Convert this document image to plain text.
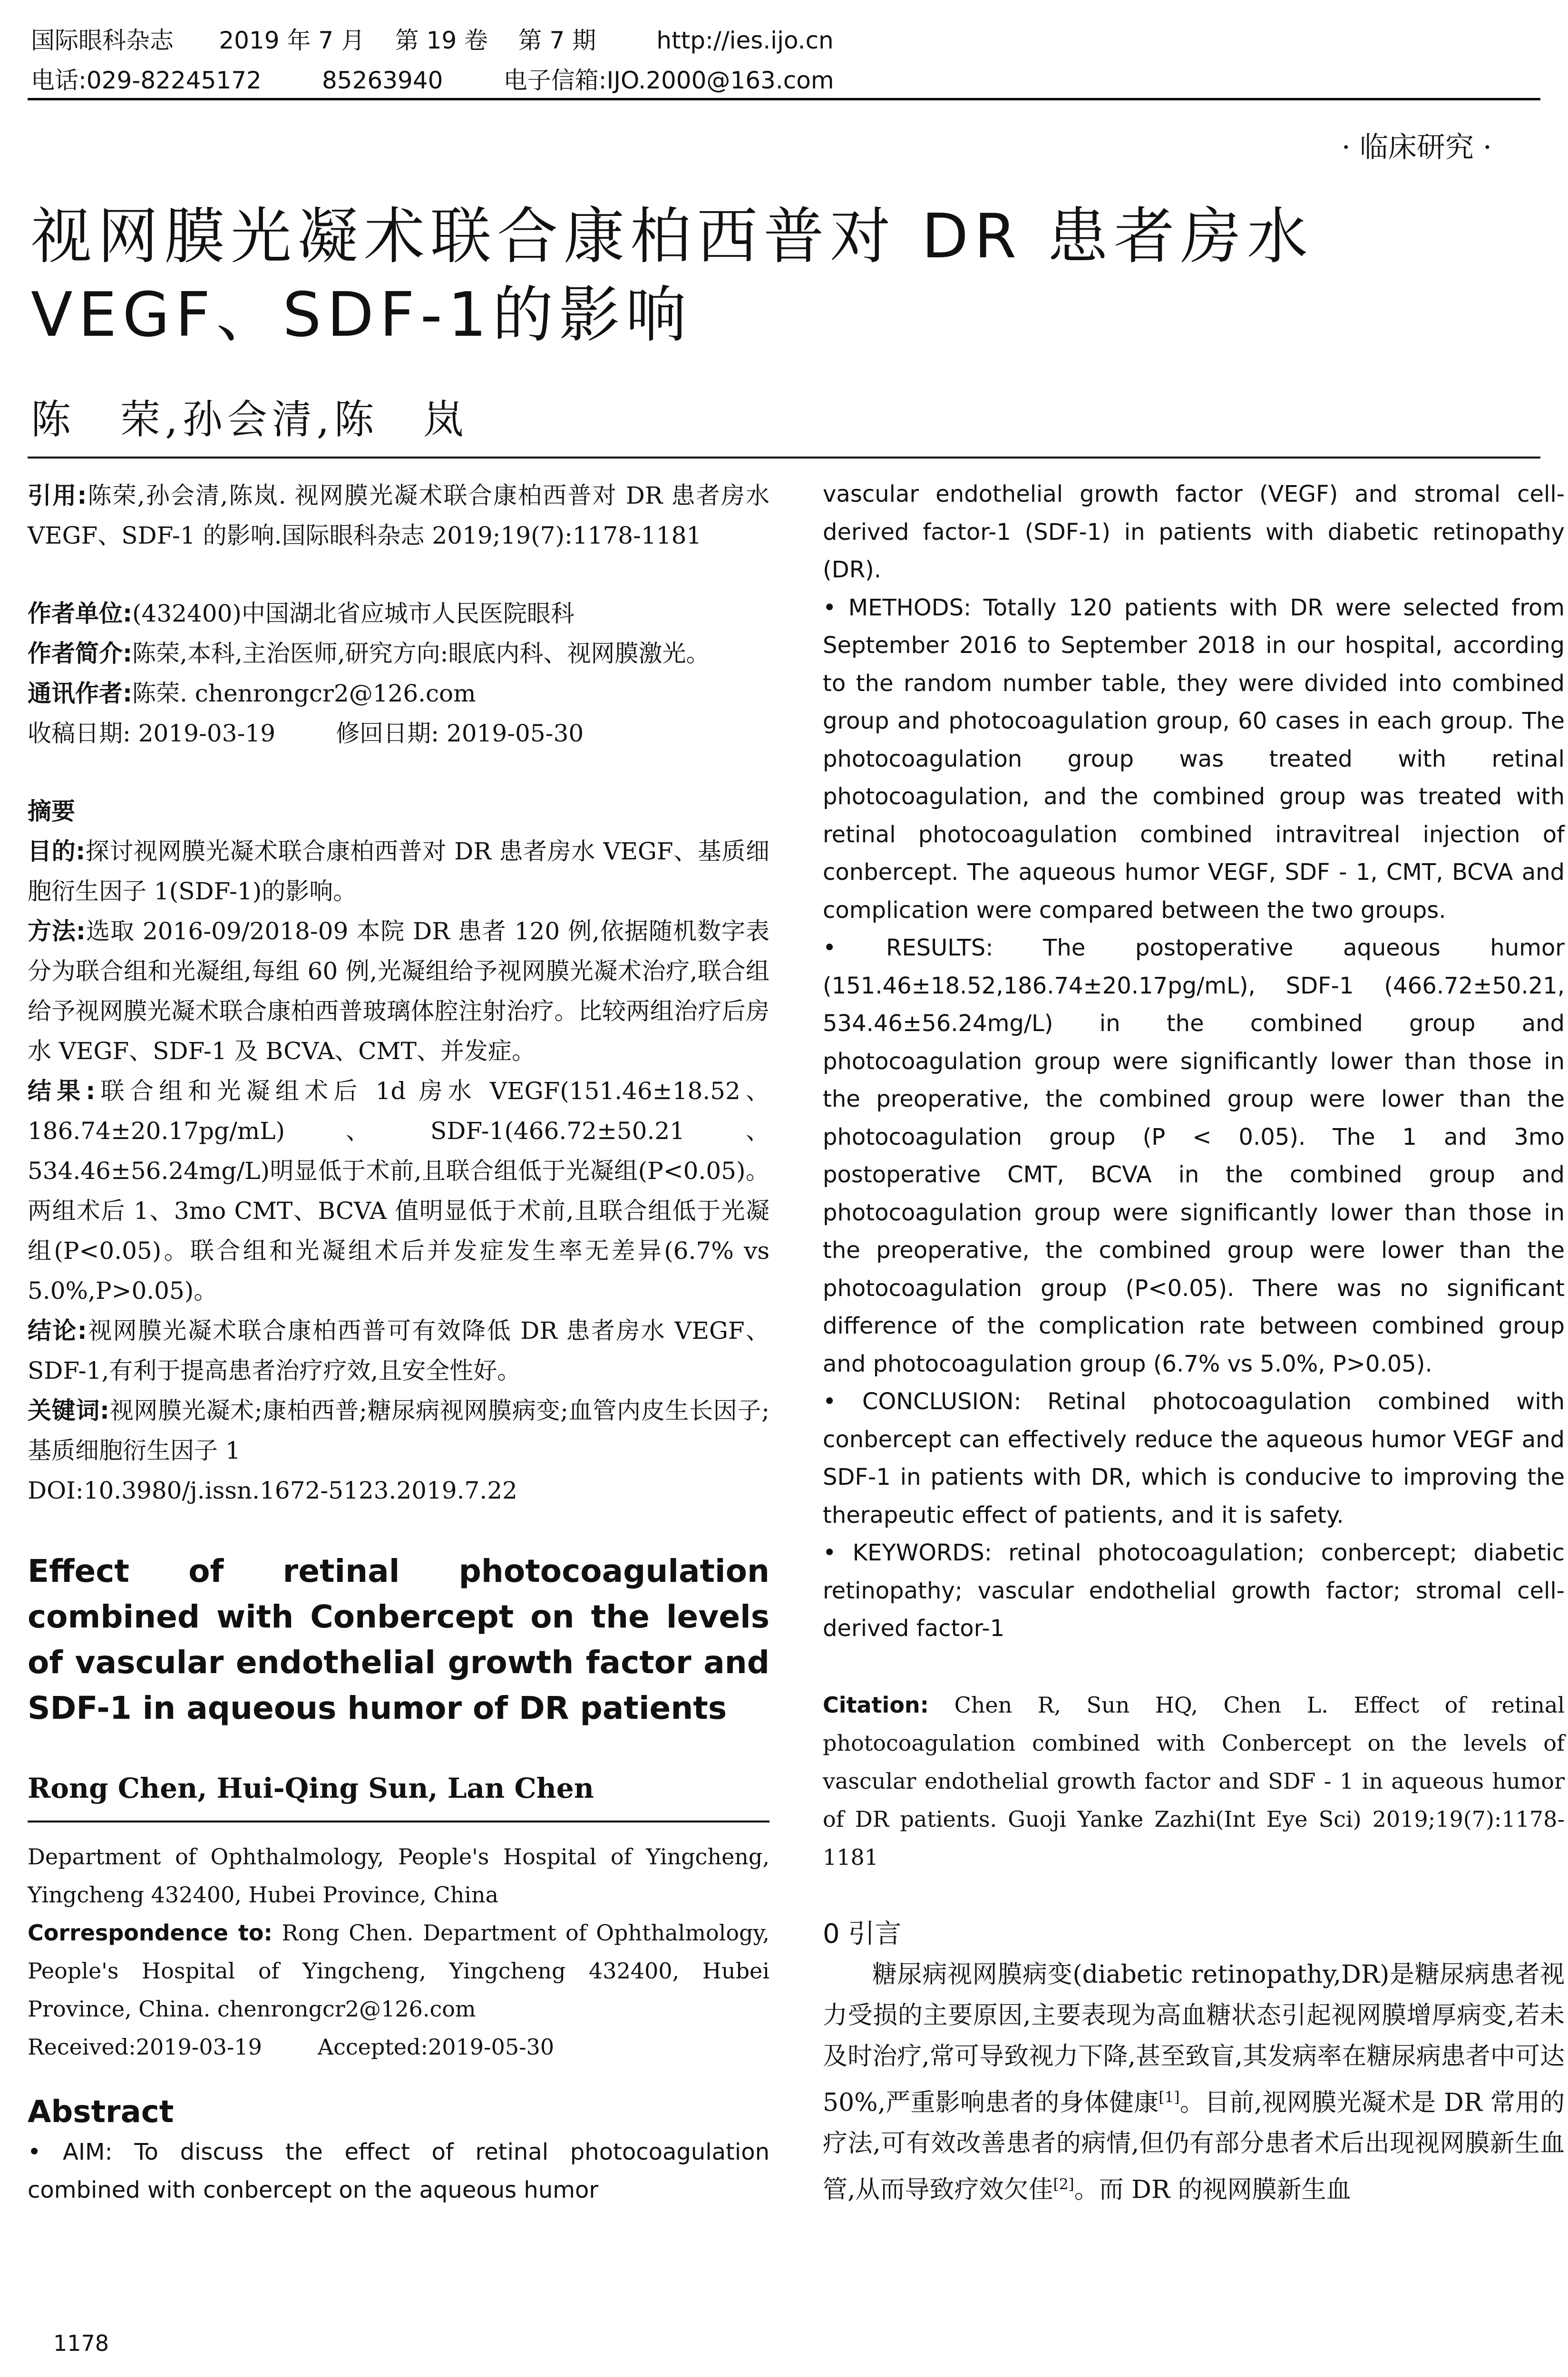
国际眼科杂志      2019 年 7 月    第 19 卷    第 7 期        http://ies.ijo.cn
电话:029-82245172        85263940        电子信箱:IJO.2000@163.com
· 临床研究 ·
视网膜光凝术联合康柏西普对 DR 患者房水 VEGF、SDF-1的影响
陈　荣,孙会清,陈　岚

引用:陈荣,孙会清,陈岚. 视网膜光凝术联合康柏西普对 DR 患者房水 VEGF、SDF-1 的影响.国际眼科杂志 2019;19(7):1178-1181

作者单位:(432400)中国湖北省应城市人民医院眼科

作者简介:陈荣,本科,主治医师,研究方向:眼底内科、视网膜激光。

通讯作者:陈荣. chenrongcr2@126.com

收稿日期: 2019-03-19        修回日期: 2019-05-30

摘要

目的:探讨视网膜光凝术联合康柏西普对 DR 患者房水 VEGF、基质细胞衍生因子 1(SDF-1)的影响。

方法:选取 2016-09/2018-09 本院 DR 患者 120 例,依据随机数字表分为联合组和光凝组,每组 60 例,光凝组给予视网膜光凝术治疗,联合组给予视网膜光凝术联合康柏西普玻璃体腔注射治疗。比较两组治疗后房水 VEGF、SDF-1 及 BCVA、CMT、并发症。

结果:联合组和光凝组术后 1d 房水 VEGF(151.46±18.52、186.74±20.17pg/mL)、SDF-1(466.72±50.21、534.46±56.24mg/L)明显低于术前,且联合组低于光凝组(P<0.05)。两组术后 1、3mo CMT、BCVA 值明显低于术前,且联合组低于光凝组(P<0.05)。联合组和光凝组术后并发症发生率无差异(6.7% vs 5.0%,P>0.05)。

结论:视网膜光凝术联合康柏西普可有效降低 DR 患者房水 VEGF、SDF-1,有利于提高患者治疗疗效,且安全性好。

关键词:视网膜光凝术;康柏西普;糖尿病视网膜病变;血管内皮生长因子;基质细胞衍生因子 1

DOI:10.3980/j.issn.1672-5123.2019.7.22

Effect of retinal photocoagulation combined with Conbercept on the levels of vascular endothelial growth factor and SDF-1 in aqueous humor of DR patients

Rong Chen, Hui-Qing Sun, Lan Chen

Department of Ophthalmology, People's Hospital of Yingcheng, Yingcheng 432400, Hubei Province, China

Correspondence to: Rong Chen. Department of Ophthalmology, People's Hospital of Yingcheng, Yingcheng 432400, Hubei Province, China. chenrongcr2@126.com

Received:2019-03-19        Accepted:2019-05-30

Abstract

• AIM: To discuss the effect of retinal photocoagulation combined with conbercept on the aqueous humor

vascular endothelial growth factor (VEGF) and stromal cell-derived factor-1 (SDF-1) in patients with diabetic retinopathy (DR).

• METHODS: Totally 120 patients with DR were selected from September 2016 to September 2018 in our hospital, according to the random number table, they were divided into combined group and photocoagulation group, 60 cases in each group. The photocoagulation group was treated with retinal photocoagulation, and the combined group was treated with retinal photocoagulation combined intravitreal injection of conbercept. The aqueous humor VEGF, SDF - 1, CMT, BCVA and complication were compared between the two groups.

• RESULTS: The postoperative aqueous humor (151.46±18.52,186.74±20.17pg/mL), SDF-1 (466.72±50.21, 534.46±56.24mg/L) in the combined group and photocoagulation group were significantly lower than those in the preoperative, the combined group were lower than the photocoagulation group (P < 0.05). The 1 and 3mo postoperative CMT, BCVA in the combined group and photocoagulation group were significantly lower than those in the preoperative, the combined group were lower than the photocoagulation group (P<0.05). There was no significant difference of the complication rate between combined group and photocoagulation group (6.7% vs 5.0%, P>0.05).

• CONCLUSION: Retinal photocoagulation combined with conbercept can effectively reduce the aqueous humor VEGF and SDF-1 in patients with DR, which is conducive to improving the therapeutic effect of patients, and it is safety.

• KEYWORDS: retinal photocoagulation; conbercept; diabetic retinopathy; vascular endothelial growth factor; stromal cell-derived factor-1

Citation: Chen R, Sun HQ, Chen L. Effect of retinal photocoagulation combined with Conbercept on the levels of vascular endothelial growth factor and SDF - 1 in aqueous humor of DR patients. Guoji Yanke Zazhi(Int Eye Sci) 2019;19(7):1178-1181

0 引言

糖尿病视网膜病变(diabetic retinopathy,DR)是糖尿病患者视力受损的主要原因,主要表现为高血糖状态引起视网膜增厚病变,若未及时治疗,常可导致视力下降,甚至致盲,其发病率在糖尿病患者中可达 50%,严重影响患者的身体健康[1]。目前,视网膜光凝术是 DR 常用的疗法,可有效改善患者的病情,但仍有部分患者术后出现视网膜新生血管,从而导致疗效欠佳[2]。而 DR 的视网膜新生血

1178
